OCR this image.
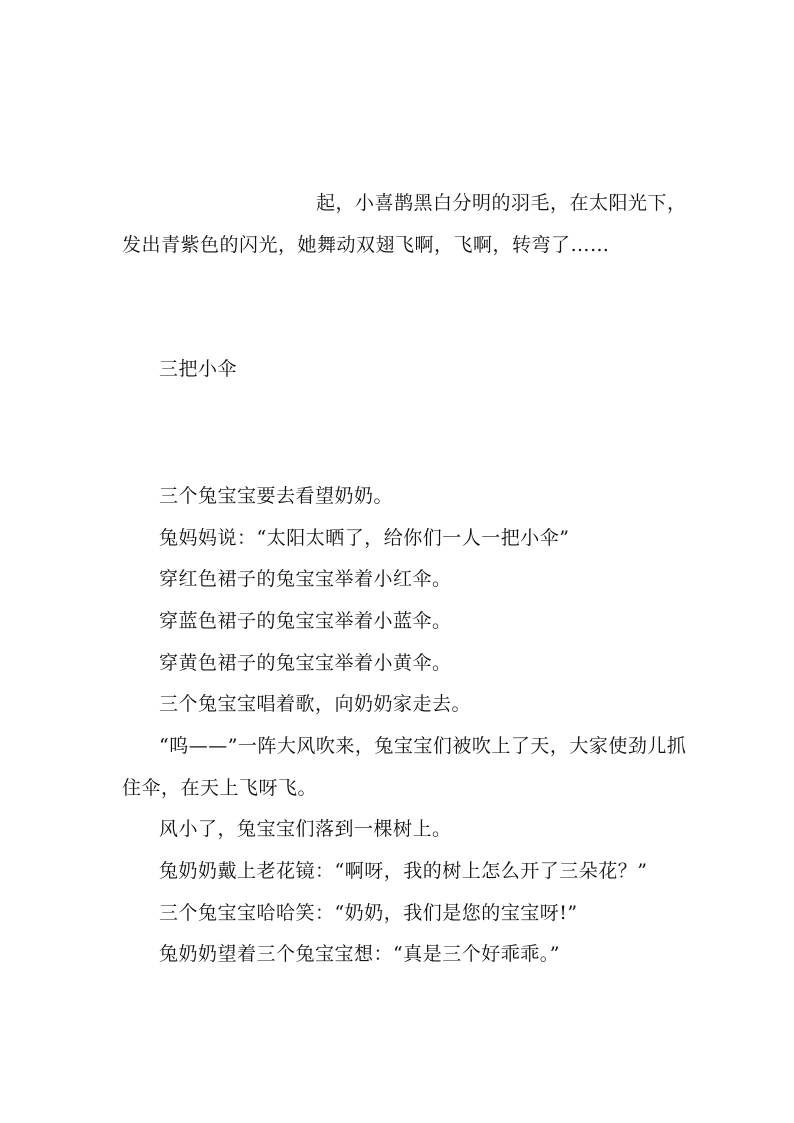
起，小喜鹊黑白分明的羽毛，在太阳光下，

发出青紫色的闪光，她舞动双翅飞啊，飞啊，转弯了……

三把小伞

三个兔宝宝要去看望奶奶。

兔妈妈说：“太阳太晒了，给你们一人一把小伞”

穿红色裙子的兔宝宝举着小红伞。

穿蓝色裙子的兔宝宝举着小蓝伞。

穿黄色裙子的兔宝宝举着小黄伞。

三个兔宝宝唱着歌，向奶奶家走去。

“呜——”一阵大风吹来，兔宝宝们被吹上了天，大家使劲儿抓

住伞，在天上飞呀飞。

风小了，兔宝宝们落到一棵树上。

兔奶奶戴上老花镜：“啊呀，我的树上怎么开了三朵花？”

三个兔宝宝哈哈笑：“奶奶，我们是您的宝宝呀!”

兔奶奶望着三个兔宝宝想：“真是三个好乖乖。”
